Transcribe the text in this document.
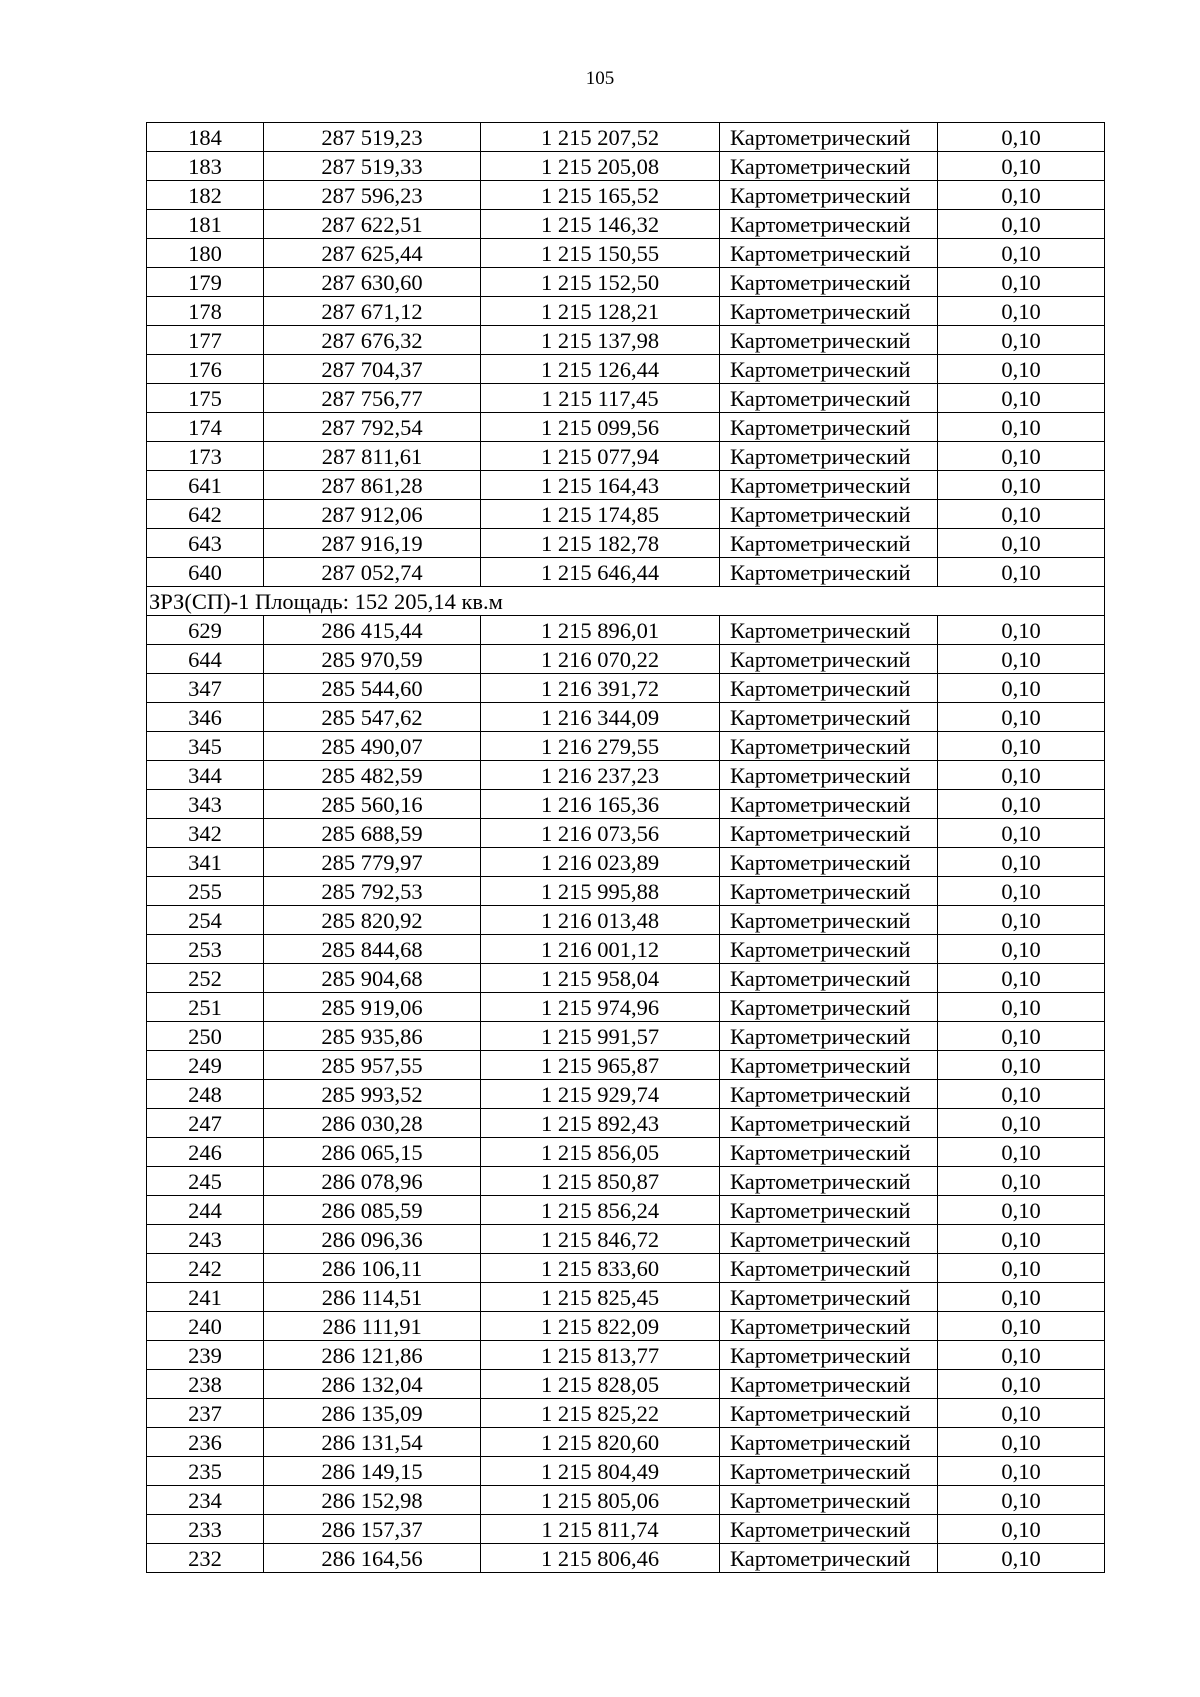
105
184	287 519,23	1 215 207,52	Картометрический	0,10
183	287 519,33	1 215 205,08	Картометрический	0,10
182	287 596,23	1 215 165,52	Картометрический	0,10
181	287 622,51	1 215 146,32	Картометрический	0,10
180	287 625,44	1 215 150,55	Картометрический	0,10
179	287 630,60	1 215 152,50	Картометрический	0,10
178	287 671,12	1 215 128,21	Картометрический	0,10
177	287 676,32	1 215 137,98	Картометрический	0,10
176	287 704,37	1 215 126,44	Картометрический	0,10
175	287 756,77	1 215 117,45	Картометрический	0,10
174	287 792,54	1 215 099,56	Картометрический	0,10
173	287 811,61	1 215 077,94	Картометрический	0,10
641	287 861,28	1 215 164,43	Картометрический	0,10
642	287 912,06	1 215 174,85	Картометрический	0,10
643	287 916,19	1 215 182,78	Картометрический	0,10
640	287 052,74	1 215 646,44	Картометрический	0,10
ЗРЗ(СП)-1 Площадь: 152 205,14 кв.м				
629	286 415,44	1 215 896,01	Картометрический	0,10
644	285 970,59	1 216 070,22	Картометрический	0,10
347	285 544,60	1 216 391,72	Картометрический	0,10
346	285 547,62	1 216 344,09	Картометрический	0,10
345	285 490,07	1 216 279,55	Картометрический	0,10
344	285 482,59	1 216 237,23	Картометрический	0,10
343	285 560,16	1 216 165,36	Картометрический	0,10
342	285 688,59	1 216 073,56	Картометрический	0,10
341	285 779,97	1 216 023,89	Картометрический	0,10
255	285 792,53	1 215 995,88	Картометрический	0,10
254	285 820,92	1 216 013,48	Картометрический	0,10
253	285 844,68	1 216 001,12	Картометрический	0,10
252	285 904,68	1 215 958,04	Картометрический	0,10
251	285 919,06	1 215 974,96	Картометрический	0,10
250	285 935,86	1 215 991,57	Картометрический	0,10
249	285 957,55	1 215 965,87	Картометрический	0,10
248	285 993,52	1 215 929,74	Картометрический	0,10
247	286 030,28	1 215 892,43	Картометрический	0,10
246	286 065,15	1 215 856,05	Картометрический	0,10
245	286 078,96	1 215 850,87	Картометрический	0,10
244	286 085,59	1 215 856,24	Картометрический	0,10
243	286 096,36	1 215 846,72	Картометрический	0,10
242	286 106,11	1 215 833,60	Картометрический	0,10
241	286 114,51	1 215 825,45	Картометрический	0,10
240	286 111,91	1 215 822,09	Картометрический	0,10
239	286 121,86	1 215 813,77	Картометрический	0,10
238	286 132,04	1 215 828,05	Картометрический	0,10
237	286 135,09	1 215 825,22	Картометрический	0,10
236	286 131,54	1 215 820,60	Картометрический	0,10
235	286 149,15	1 215 804,49	Картометрический	0,10
234	286 152,98	1 215 805,06	Картометрический	0,10
233	286 157,37	1 215 811,74	Картометрический	0,10
232	286 164,56	1 215 806,46	Картометрический	0,10
